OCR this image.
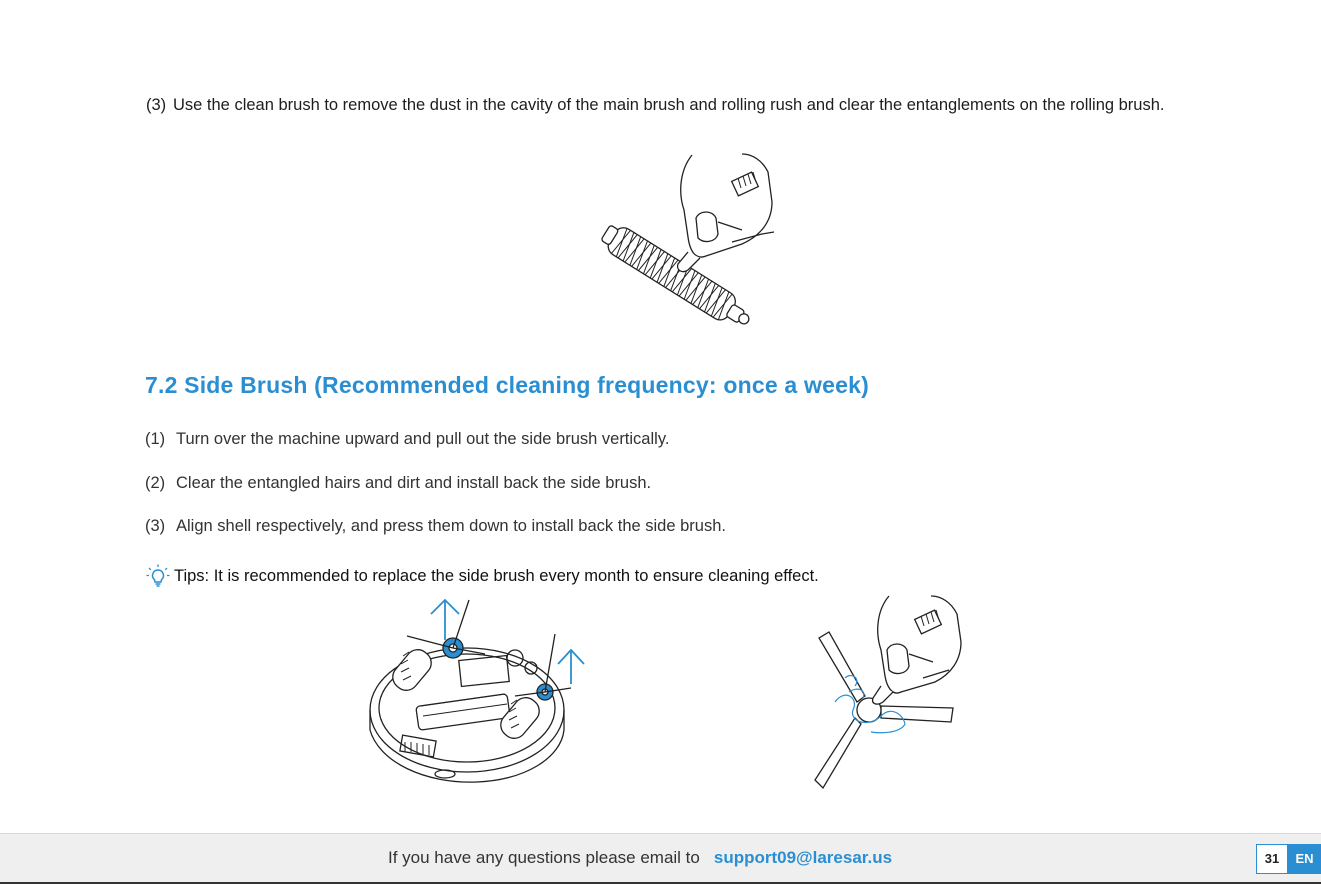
(3) Use the clean brush to remove the dust in the cavity of the main brush and rolling rush and clear the entanglements on the rolling brush.
7.2 Side Brush (Recommended cleaning frequency: once a week)
(1) Turn over the machine upward and pull out the side brush vertically.
(2) Clear the entangled hairs and dirt and install back the side brush.
(3) Align shell respectively, and press them down to install back the side brush.
Tips: It is recommended to replace the side brush every month to ensure cleaning effect.
If you have any questions please email to support09@laresar.us	31	EN
